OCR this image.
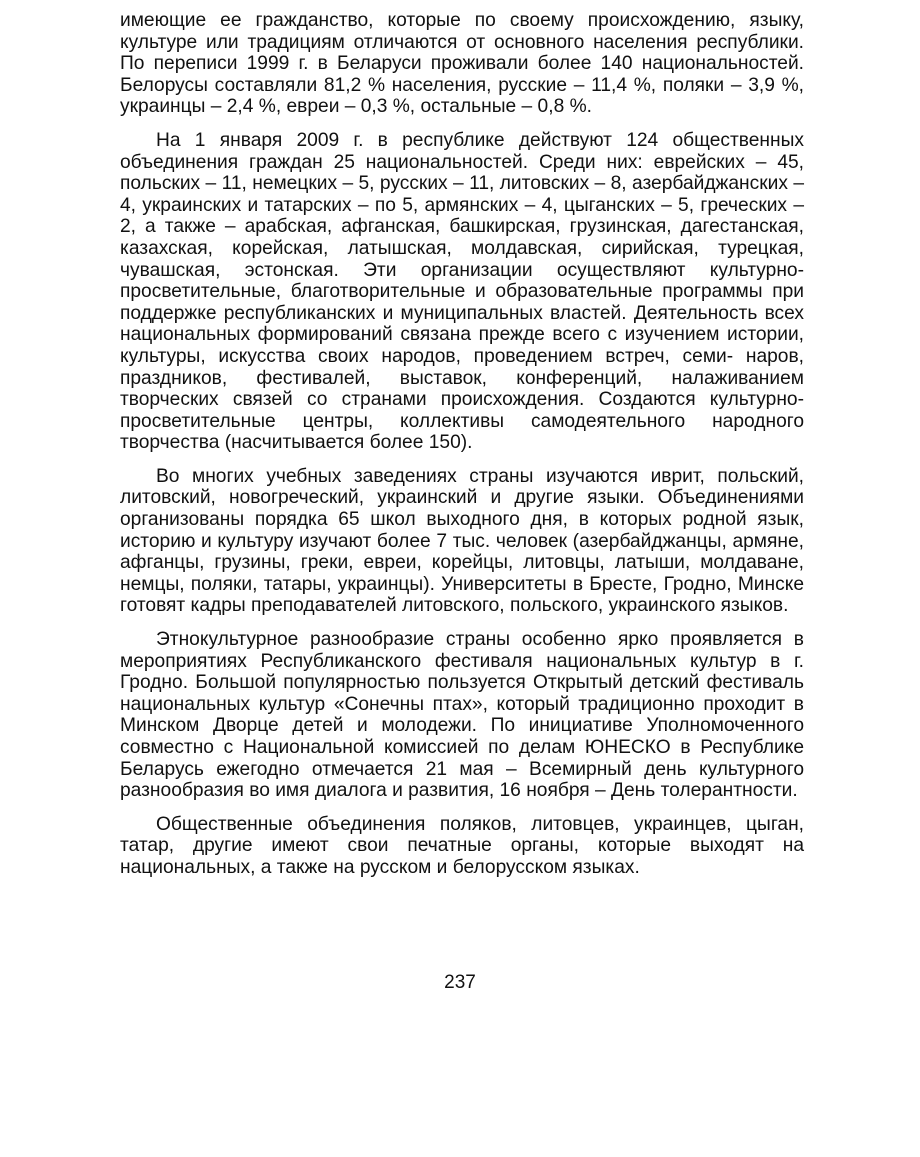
имеющие ее гражданство, которые по своему происхождению, языку, культуре или традициям отличаются от основного населения республики. По переписи 1999 г. в Беларуси проживали более 140 национальностей. Белорусы составляли 81,2 % населения, русские – 11,4 %, поляки – 3,9 %, украинцы – 2,4 %, евреи – 0,3 %, остальные – 0,8 %.

На 1 января 2009 г. в республике действуют 124 общественных объединения граждан 25 национальностей. Среди них: еврейских – 45, польских – 11, немецких – 5, русских – 11, литовских – 8, азербайджанских – 4, украинских и татарских – по 5, армянских – 4, цыганских – 5, греческих – 2, а также – арабская, афганская, башкирская, грузинская, дагестанская, казахская, корейская, латышская, молдавская, сирийская, турецкая, чувашская, эстонская. Эти организации осуществляют культурно-просветительные, благотворительные и образовательные программы при поддержке республиканских и муниципальных властей. Деятельность всех национальных формирований связана прежде всего с изучением истории, культуры, искусства своих народов, проведением встреч, семи- наров, праздников, фестивалей, выставок, конференций, налаживанием творческих связей со странами происхождения. Создаются культурно-просветительные центры, коллективы самодеятельного народного творчества (насчитывается более 150).

Во многих учебных заведениях страны изучаются иврит, польский, литовский, новогреческий, украинский и другие языки. Объединениями организованы порядка 65 школ выходного дня, в которых родной язык, историю и культуру изучают более 7 тыс. человек (азербайджанцы, армяне, афганцы, грузины, греки, евреи, корейцы, литовцы, латыши, молдаване, немцы, поляки, татары, украинцы). Университеты в Бресте, Гродно, Минске готовят кадры преподавателей литовского, польского, украинского языков.

Этнокультурное разнообразие страны особенно ярко проявляется в мероприятиях Республиканского фестиваля национальных культур в г. Гродно. Большой популярностью пользуется Открытый детский фестиваль национальных культур «Сонечны птах», который традиционно проходит в Минском Дворце детей и молодежи. По инициативе Уполномоченного совместно с Национальной комиссией по делам ЮНЕСКО в Республике Беларусь ежегодно отмечается 21 мая – Всемирный день культурного разнообразия во имя диалога и развития, 16 ноября – День толерантности.

Общественные объединения поляков, литовцев, украинцев, цыган, татар, другие имеют свои печатные органы, которые выходят на национальных, а также на русском и белорусском языках.

237
